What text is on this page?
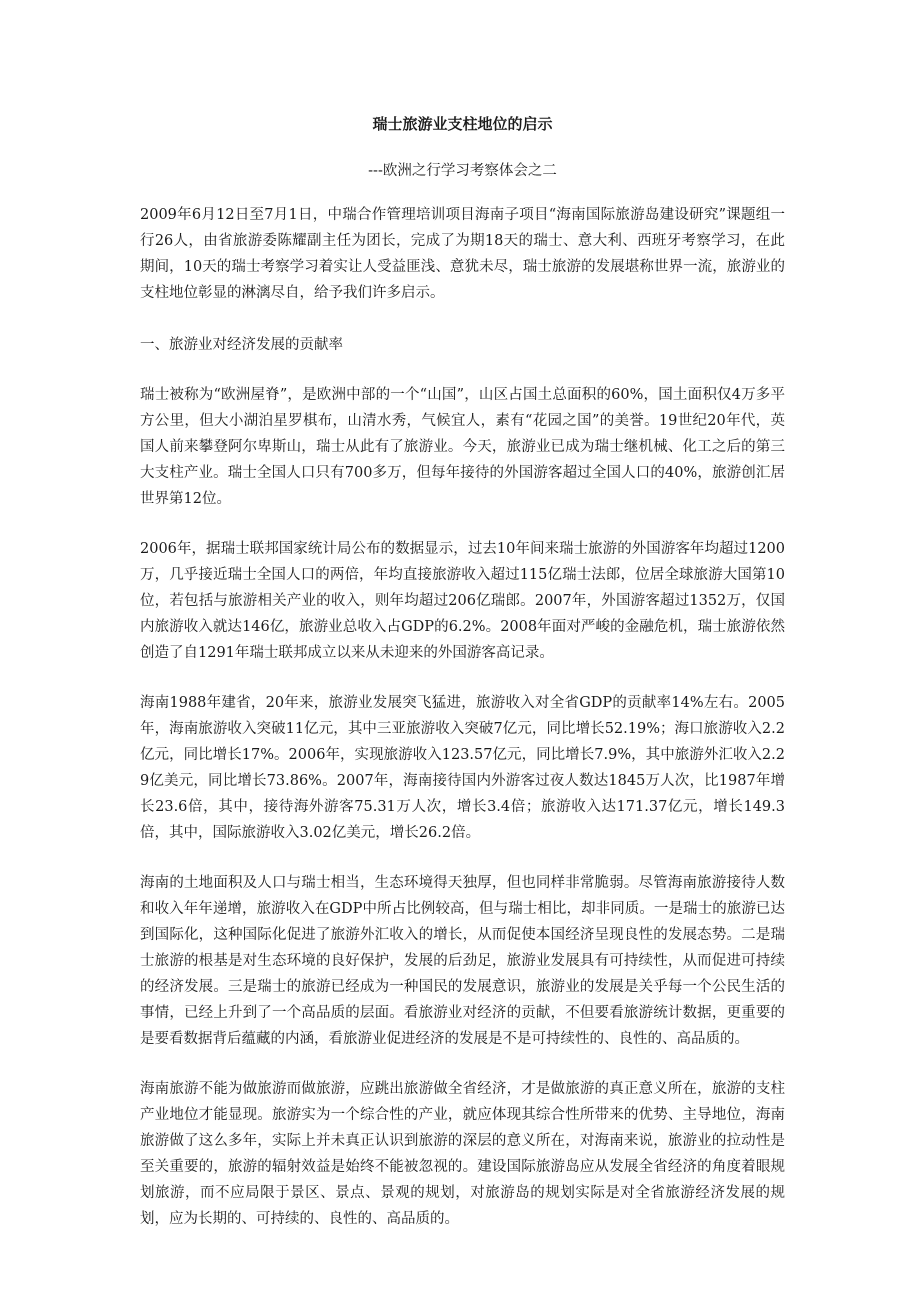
瑞士旅游业支柱地位的启示

---欧洲之行学习考察体会之二

2009年6月12日至7月1日，中瑞合作管理培训项目海南子项目“海南国际旅游岛建设研究”课题组一行26人，由省旅游委陈耀副主任为团长，完成了为期18天的瑞士、意大利、西班牙考察学习，在此期间，10天的瑞士考察学习着实让人受益匪浅、意犹未尽，瑞士旅游的发展堪称世界一流，旅游业的支柱地位彰显的淋漓尽自，给予我们许多启示。

一、旅游业对经济发展的贡献率

瑞士被称为“欧洲屋脊”，是欧洲中部的一个“山国”，山区占国土总面积的60%，国土面积仅4万多平方公里，但大小湖泊星罗棋布，山清水秀，气候宜人，素有“花园之国”的美誉。19世纪20年代，英国人前来攀登阿尔卑斯山，瑞士从此有了旅游业。今天，旅游业已成为瑞士继机械、化工之后的第三大支柱产业。瑞士全国人口只有700多万，但每年接待的外国游客超过全国人口的40%，旅游创汇居世界第12位。

2006年，据瑞士联邦国家统计局公布的数据显示，过去10年间来瑞士旅游的外国游客年均超过1200万，几乎接近瑞士全国人口的两倍，年均直接旅游收入超过115亿瑞士法郎，位居全球旅游大国第10位，若包括与旅游相关产业的收入，则年均超过206亿瑞郎。2007年，外国游客超过1352万，仅国内旅游收入就达146亿，旅游业总收入占GDP的6.2%。2008年面对严峻的金融危机，瑞士旅游依然创造了自1291年瑞士联邦成立以来从未迎来的外国游客高记录。

海南1988年建省，20年来，旅游业发展突飞猛进，旅游收入对全省GDP的贡献率14%左右。2005年，海南旅游收入突破11亿元，其中三亚旅游收入突破7亿元，同比增长52.19%；海口旅游收入2.2亿元，同比增长17%。2006年，实现旅游收入123.57亿元，同比增长7.9%，其中旅游外汇收入2.29亿美元，同比增长73.86%。2007年，海南接待国内外游客过夜人数达1845万人次，比1987年增长23.6倍，其中，接待海外游客75.31万人次，增长3.4倍；旅游收入达171.37亿元，增长149.3倍，其中，国际旅游收入3.02亿美元，增长26.2倍。

海南的土地面积及人口与瑞士相当，生态环境得天独厚，但也同样非常脆弱。尽管海南旅游接待人数和收入年年递增，旅游收入在GDP中所占比例较高，但与瑞士相比，却非同质。一是瑞士的旅游已达到国际化，这种国际化促进了旅游外汇收入的增长，从而促使本国经济呈现良性的发展态势。二是瑞士旅游的根基是对生态环境的良好保护，发展的后劲足，旅游业发展具有可持续性，从而促进可持续的经济发展。三是瑞士的旅游已经成为一种国民的发展意识，旅游业的发展是关乎每一个公民生活的事情，已经上升到了一个高品质的层面。看旅游业对经济的贡献，不但要看旅游统计数据，更重要的是要看数据背后蕴藏的内涵，看旅游业促进经济的发展是不是可持续性的、良性的、高品质的。

海南旅游不能为做旅游而做旅游，应跳出旅游做全省经济，才是做旅游的真正意义所在，旅游的支柱产业地位才能显现。旅游实为一个综合性的产业，就应体现其综合性所带来的优势、主导地位，海南旅游做了这么多年，实际上并未真正认识到旅游的深层的意义所在，对海南来说，旅游业的拉动性是至关重要的，旅游的辐射效益是始终不能被忽视的。建设国际旅游岛应从发展全省经济的角度着眼规划旅游，而不应局限于景区、景点、景观的规划，对旅游岛的规划实际是对全省旅游经济发展的规划，应为长期的、可持续的、良性的、高品质的。
